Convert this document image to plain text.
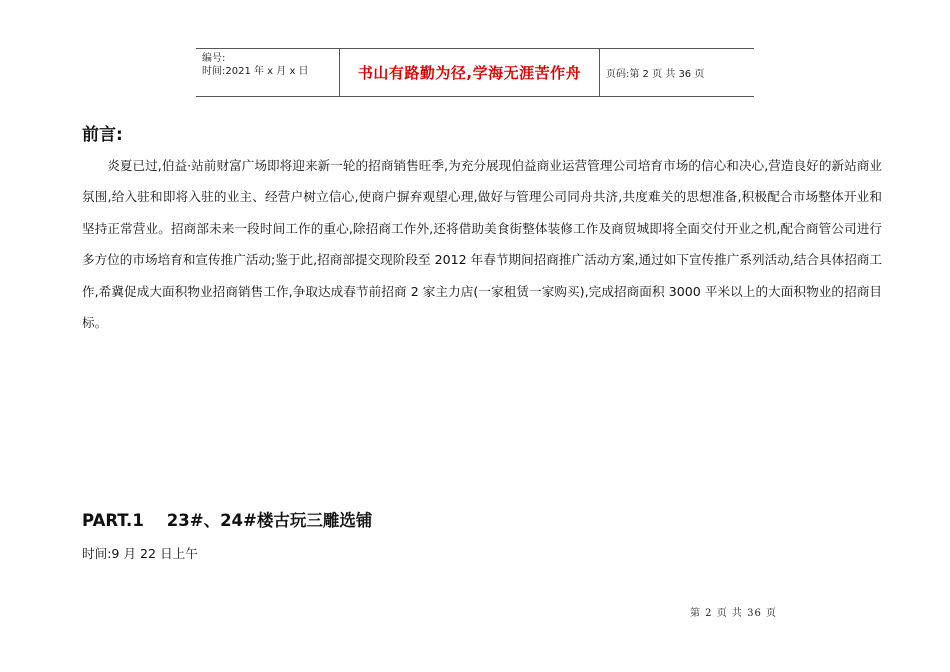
编号:
时间:2021 年 x 月 x 日	书山有路勤为径,学海无涯苦作舟	页码:第 2 页 共 36 页
前言:

炎夏已过,伯益·站前财富广场即将迎来新一轮的招商销售旺季,为充分展现伯益商业运营管理公司培育市场的信心和决心,营造良好的新站商业氛围,给入驻和即将入驻的业主、经营户树立信心,使商户摒弃观望心理,做好与管理公司同舟共济,共度难关的思想准备,积极配合市场整体开业和坚持正常营业。招商部未来一段时间工作的重心,除招商工作外,还将借助美食街整体装修工作及商贸城即将全面交付开业之机,配合商管公司进行多方位的市场培育和宣传推广活动;鉴于此,招商部提交现阶段至 2012 年春节期间招商推广活动方案,通过如下宣传推广系列活动,结合具体招商工作,希冀促成大面积物业招商销售工作,争取达成春节前招商 2 家主力店(一家租赁一家购买),完成招商面积 3000 平米以上的大面积物业的招商目标。

PART.1    23#、24#楼古玩三雕选铺
时间:9 月 22 日上午
第 2 页 共 36 页
